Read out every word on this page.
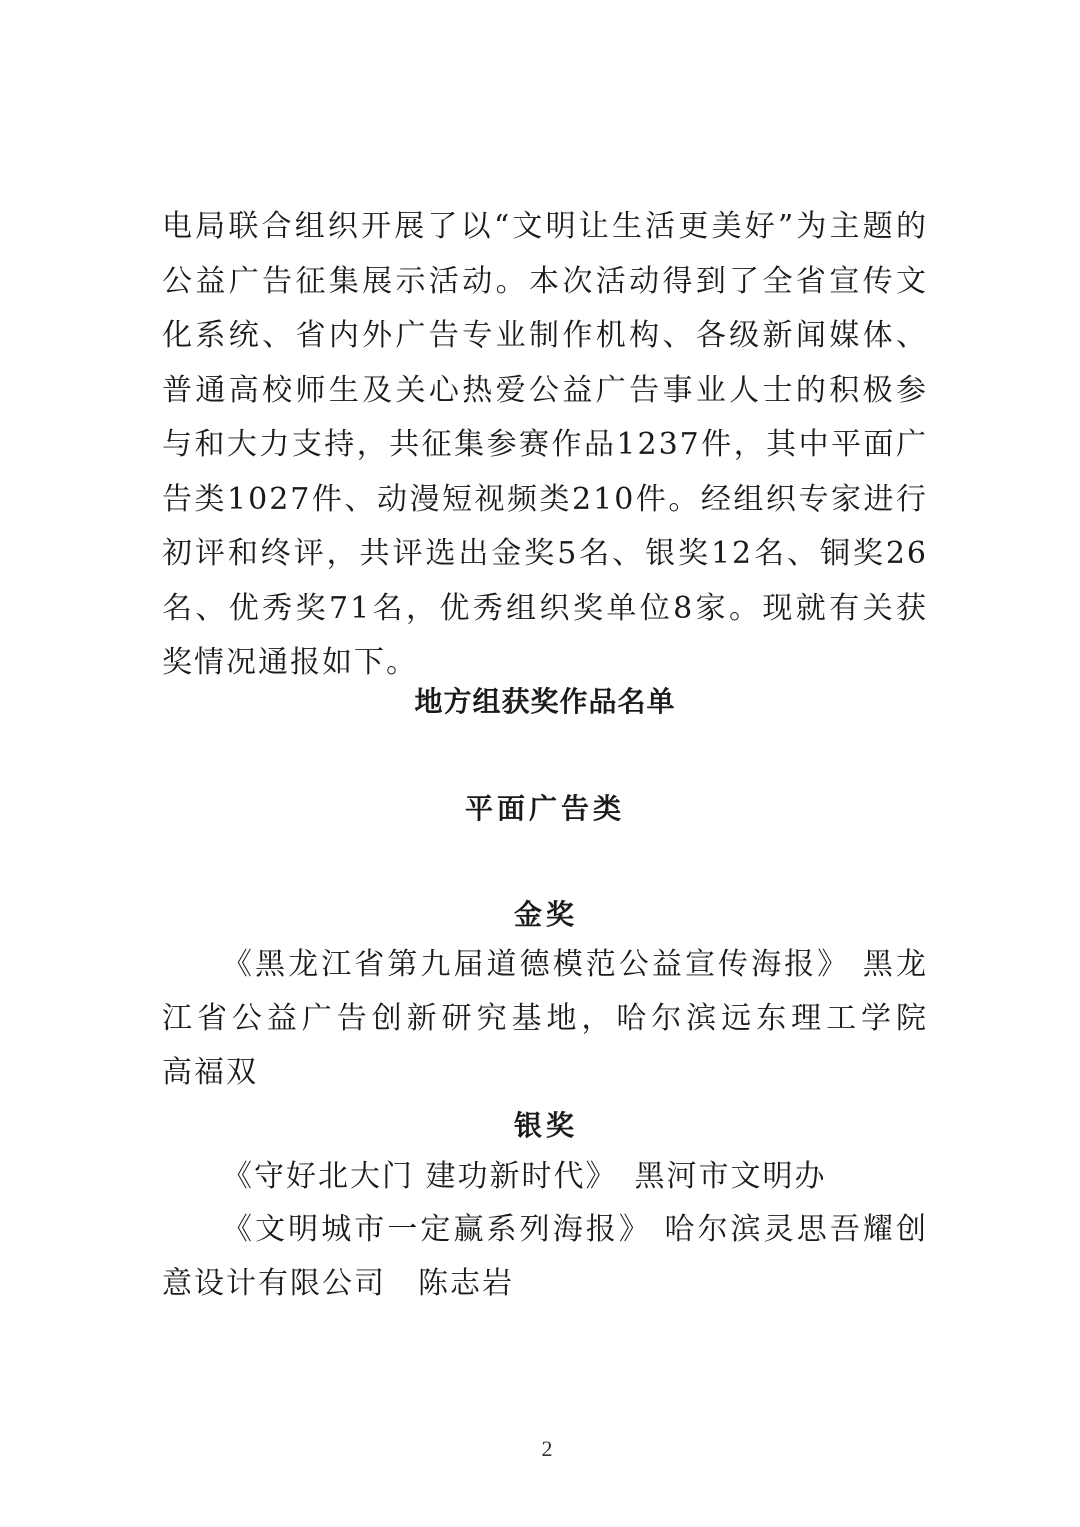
电局联合组织开展了以“文明让生活更美好”为主题的公益广告征集展示活动。本次活动得到了全省宣传文化系统、省内外广告专业制作机构、各级新闻媒体、普通高校师生及关心热爱公益广告事业人士的积极参与和大力支持，共征集参赛作品1237件，其中平面广告类1027件、动漫短视频类210件。经组织专家进行初评和终评，共评选出金奖5名、银奖12名、铜奖26名、优秀奖71名，优秀组织奖单位8家。现就有关获奖情况通报如下。

地方组获奖作品名单
平面广告类
金奖

《黑龙江省第九届道德模范公益宣传海报》 黑龙江省公益广告创新研究基地，哈尔滨远东理工学院　高福双

银奖

《守好北大门 建功新时代》　黑河市文明办

《文明城市一定赢系列海报》 哈尔滨灵思吾耀创意设计有限公司　陈志岩

2
